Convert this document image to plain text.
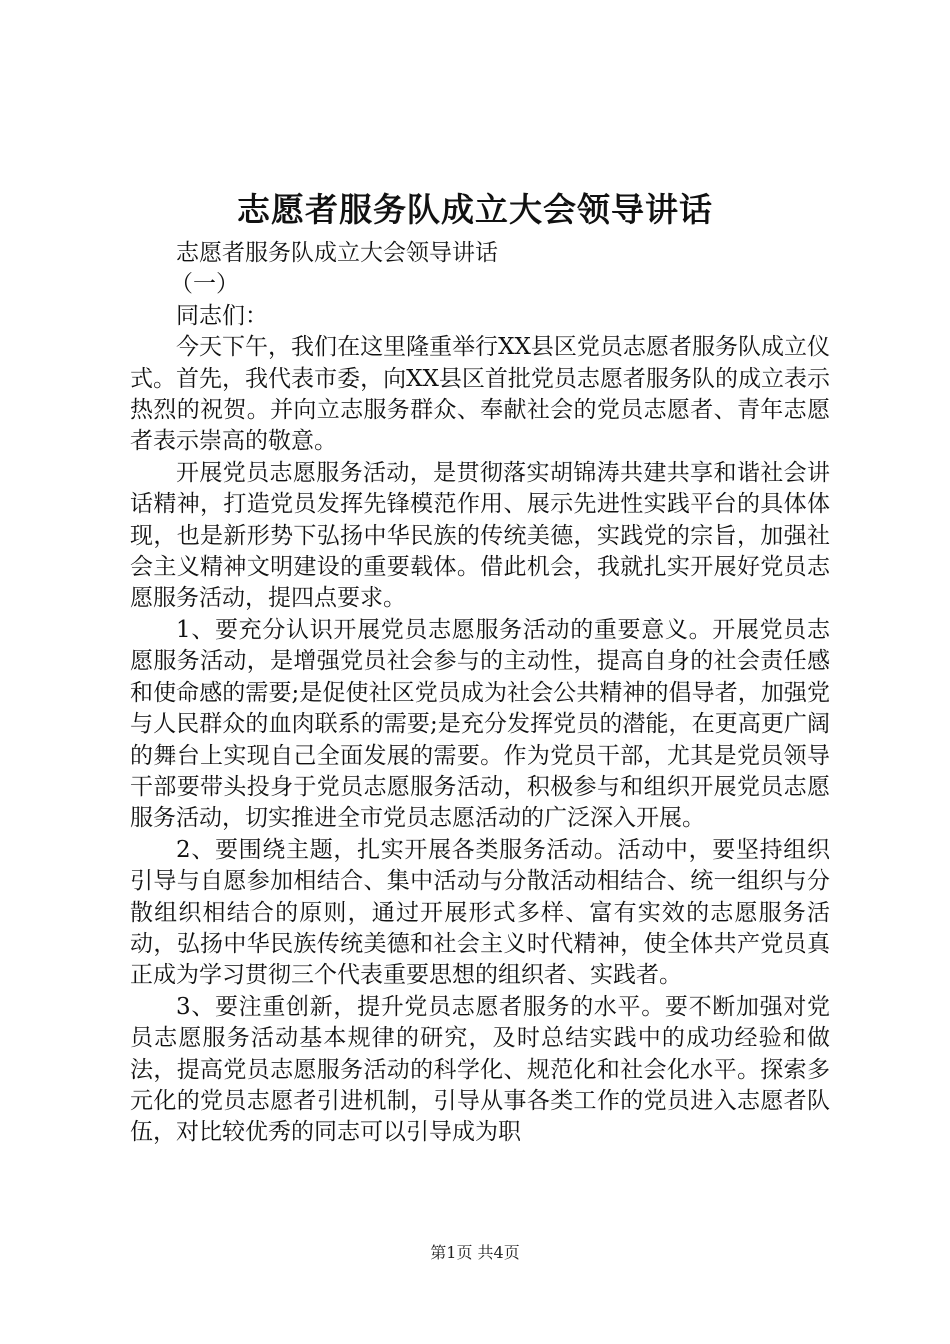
志愿者服务队成立大会领导讲话

志愿者服务队成立大会领导讲话

（一）

同志们：

今天下午，我们在这里隆重举行XX县区党员志愿者服务队成立仪式。首先，我代表市委，向XX县区首批党员志愿者服务队的成立表示热烈的祝贺。并向立志服务群众、奉献社会的党员志愿者、青年志愿者表示崇高的敬意。

开展党员志愿服务活动，是贯彻落实胡锦涛共建共享和谐社会讲话精神，打造党员发挥先锋模范作用、展示先进性实践平台的具体体现，也是新形势下弘扬中华民族的传统美德，实践党的宗旨，加强社会主义精神文明建设的重要载体。借此机会，我就扎实开展好党员志愿服务活动，提四点要求。

1、要充分认识开展党员志愿服务活动的重要意义。开展党员志愿服务活动，是增强党员社会参与的主动性，提高自身的社会责任感和使命感的需要;是促使社区党员成为社会公共精神的倡导者，加强党与人民群众的血肉联系的需要;是充分发挥党员的潜能，在更高更广阔的舞台上实现自己全面发展的需要。作为党员干部，尤其是党员领导干部要带头投身于党员志愿服务活动，积极参与和组织开展党员志愿服务活动，切实推进全市党员志愿活动的广泛深入开展。

2、要围绕主题，扎实开展各类服务活动。活动中，要坚持组织引导与自愿参加相结合、集中活动与分散活动相结合、统一组织与分散组织相结合的原则，通过开展形式多样、富有实效的志愿服务活动，弘扬中华民族传统美德和社会主义时代精神，使全体共产党员真正成为学习贯彻三个代表重要思想的组织者、实践者。

3、要注重创新，提升党员志愿者服务的水平。要不断加强对党员志愿服务活动基本规律的研究，及时总结实践中的成功经验和做法，提高党员志愿服务活动的科学化、规范化和社会化水平。探索多元化的党员志愿者引进机制，引导从事各类工作的党员进入志愿者队伍，对比较优秀的同志可以引导成为职

第1页 共4页
